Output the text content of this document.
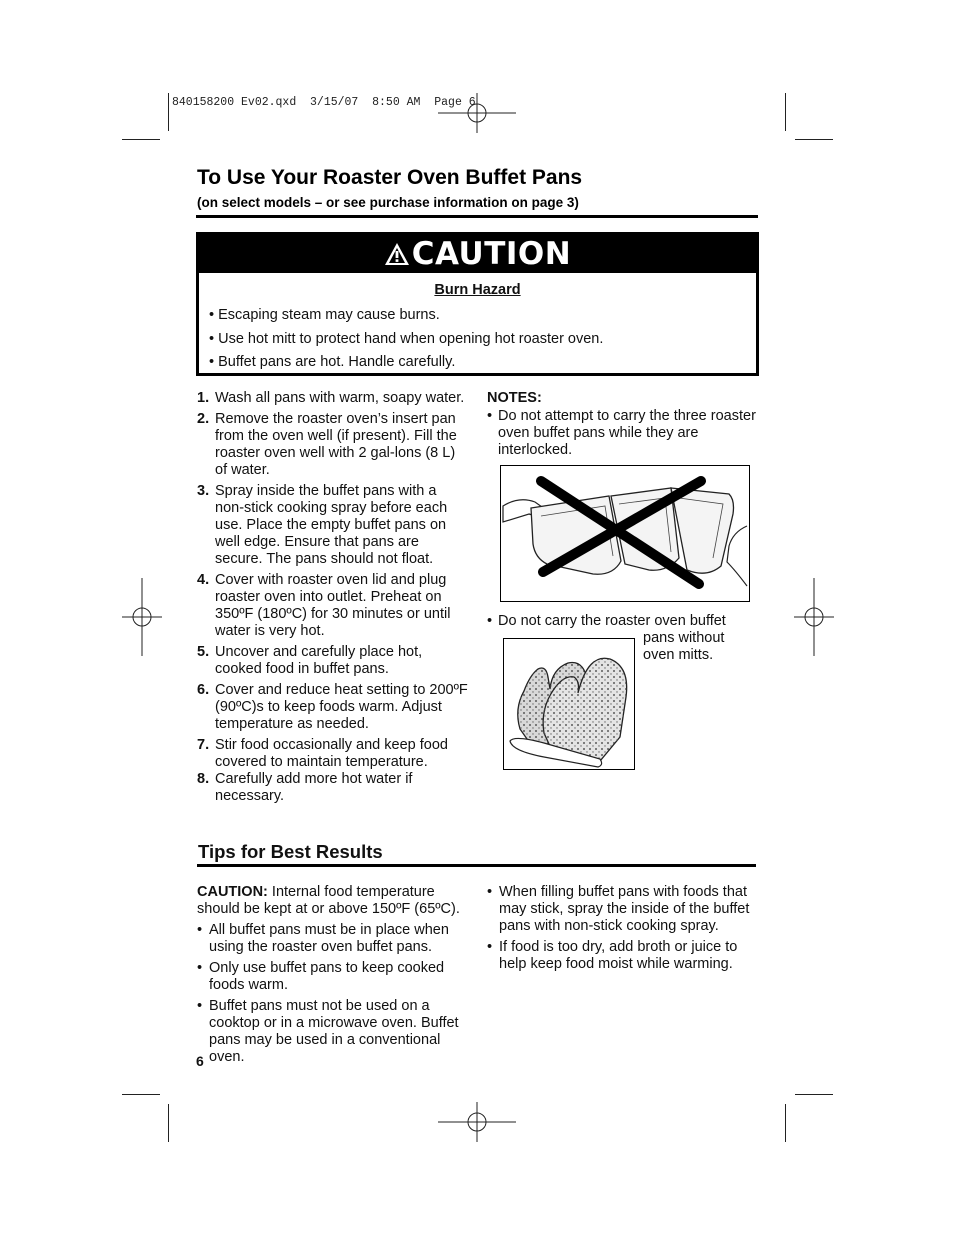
840158200 Ev02.qxd  3/15/07  8:50 AM  Page 6
To Use Your Roaster Oven Buffet Pans
(on select models – or see purchase information on page 3)
CAUTION
Burn Hazard
• Escaping steam may cause burns.
• Use hot mitt to protect hand when opening hot roaster oven.
• Buffet pans are hot. Handle carefully.
1. Wash all pans with warm, soapy water.
2. Remove the roaster oven’s insert pan from the oven well (if present). Fill the roaster oven well with 2 gal-lons (8 L) of water.
3. Spray inside the buffet pans with a non-stick cooking spray before each use. Place the empty buffet pans on well edge. Ensure that pans are secure. The pans should not float.
4. Cover with roaster oven lid and plug roaster oven into outlet. Preheat on 350ºF (180ºC) for 30 minutes or until water is very hot.
5. Uncover and carefully place hot, cooked food in buffet pans.
6. Cover and reduce heat setting to 200ºF (90ºC)s to keep foods warm. Adjust temperature as needed.
7. Stir food occasionally and keep food covered to maintain temperature.
8. Carefully add more hot water if necessary.
NOTES:
• Do not attempt to carry the three roaster oven buffet pans while they are interlocked.
• Do not carry the roaster oven buffet
pans without oven mitts.
Tips for Best Results

CAUTION: Internal food temperature should be kept at or above 150ºF (65ºC).

• All buffet pans must be in place when using the roaster oven buffet pans.
• Only use buffet pans to keep cooked foods warm.
• Buffet pans must not be used on a cooktop or in a microwave oven. Buffet pans may be used in a conventional oven.
• When filling buffet pans with foods that may stick, spray the inside of the buffet pans with non-stick cooking spray.
• If food is too dry, add broth or juice to help keep food moist while warming.
6
